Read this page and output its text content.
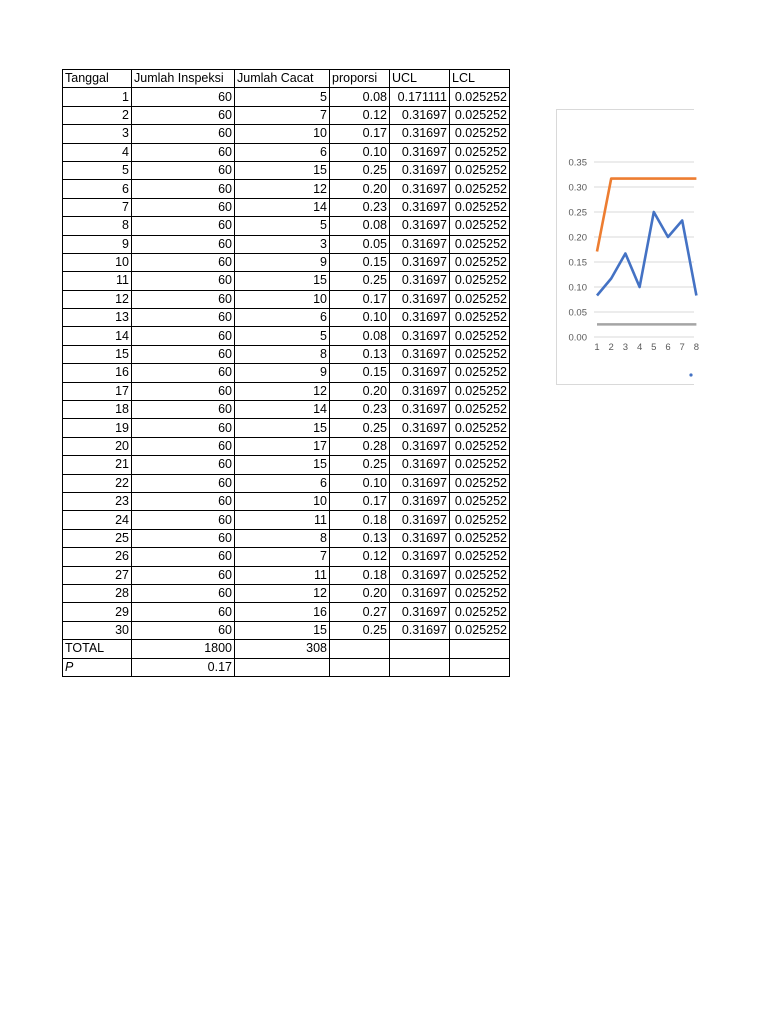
Tanggal	Jumlah Inspeksi	Jumlah Cacat	proporsi	UCL	LCL
1	60	5	0.08	0.171111	0.025252
2	60	7	0.12	0.31697	0.025252
3	60	10	0.17	0.31697	0.025252
4	60	6	0.10	0.31697	0.025252
5	60	15	0.25	0.31697	0.025252
6	60	12	0.20	0.31697	0.025252
7	60	14	0.23	0.31697	0.025252
8	60	5	0.08	0.31697	0.025252
9	60	3	0.05	0.31697	0.025252
10	60	9	0.15	0.31697	0.025252
11	60	15	0.25	0.31697	0.025252
12	60	10	0.17	0.31697	0.025252
13	60	6	0.10	0.31697	0.025252
14	60	5	0.08	0.31697	0.025252
15	60	8	0.13	0.31697	0.025252
16	60	9	0.15	0.31697	0.025252
17	60	12	0.20	0.31697	0.025252
18	60	14	0.23	0.31697	0.025252
19	60	15	0.25	0.31697	0.025252
20	60	17	0.28	0.31697	0.025252
21	60	15	0.25	0.31697	0.025252
22	60	6	0.10	0.31697	0.025252
23	60	10	0.17	0.31697	0.025252
24	60	11	0.18	0.31697	0.025252
25	60	8	0.13	0.31697	0.025252
26	60	7	0.12	0.31697	0.025252
27	60	11	0.18	0.31697	0.025252
28	60	12	0.20	0.31697	0.025252
29	60	16	0.27	0.31697	0.025252
30	60	15	0.25	0.31697	0.025252
TOTAL	1800	308			
P	0.17				
0.00
0.05
0.10
0.15
0.20
0.25
0.30
0.35
1 2 3 4 5 6 7 8
